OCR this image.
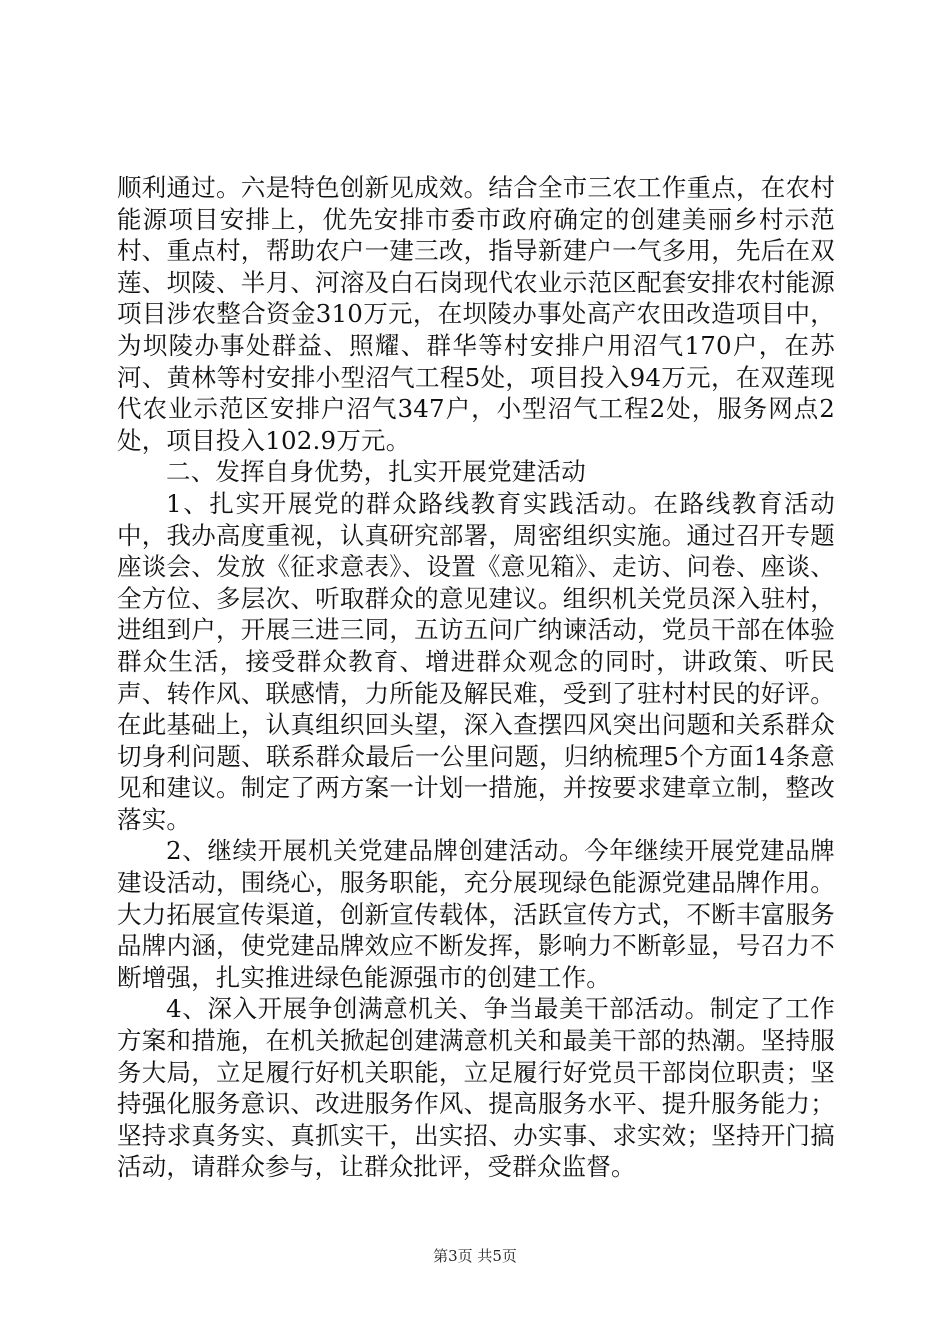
顺利通过。六是特色创新见成效。结合全市三农工作重点，在农村能源项目安排上，优先安排市委市政府确定的创建美丽乡村示范村、重点村，帮助农户一建三改，指导新建户一气多用，先后在双莲、坝陵、半月、河溶及白石岗现代农业示范区配套安排农村能源项目涉农整合资金310万元，在坝陵办事处高产农田改造项目中，为坝陵办事处群益、照耀、群华等村安排户用沼气170户，在苏河、黄林等村安排小型沼气工程5处，项目投入94万元，在双莲现代农业示范区安排户沼气347户，小型沼气工程2处，服务网点2处，项目投入102.9万元。

二、发挥自身优势，扎实开展党建活动

1、扎实开展党的群众路线教育实践活动。在路线教育活动中，我办高度重视，认真研究部署，周密组织实施。通过召开专题座谈会、发放《征求意表》、设置《意见箱》、走访、问卷、座谈、全方位、多层次、听取群众的意见建议。组织机关党员深入驻村，进组到户，开展三进三同，五访五问广纳谏活动，党员干部在体验群众生活，接受群众教育、增进群众观念的同时，讲政策、听民声、转作风、联感情，力所能及解民难，受到了驻村村民的好评。在此基础上，认真组织回头望，深入查摆四风突出问题和关系群众切身利问题、联系群众最后一公里问题，归纳梳理5个方面14条意见和建议。制定了两方案一计划一措施，并按要求建章立制，整改落实。

2、继续开展机关党建品牌创建活动。今年继续开展党建品牌建设活动，围绕心，服务职能，充分展现绿色能源党建品牌作用。大力拓展宣传渠道，创新宣传载体，活跃宣传方式，不断丰富服务品牌内涵，使党建品牌效应不断发挥，影响力不断彰显，号召力不断增强，扎实推进绿色能源强市的创建工作。

4、深入开展争创满意机关、争当最美干部活动。制定了工作方案和措施，在机关掀起创建满意机关和最美干部的热潮。坚持服务大局，立足履行好机关职能，立足履行好党员干部岗位职责；坚持强化服务意识、改进服务作风、提高服务水平、提升服务能力；坚持求真务实、真抓实干，出实招、办实事、求实效；坚持开门搞活动，请群众参与，让群众批评，受群众监督。

第3页 共5页
